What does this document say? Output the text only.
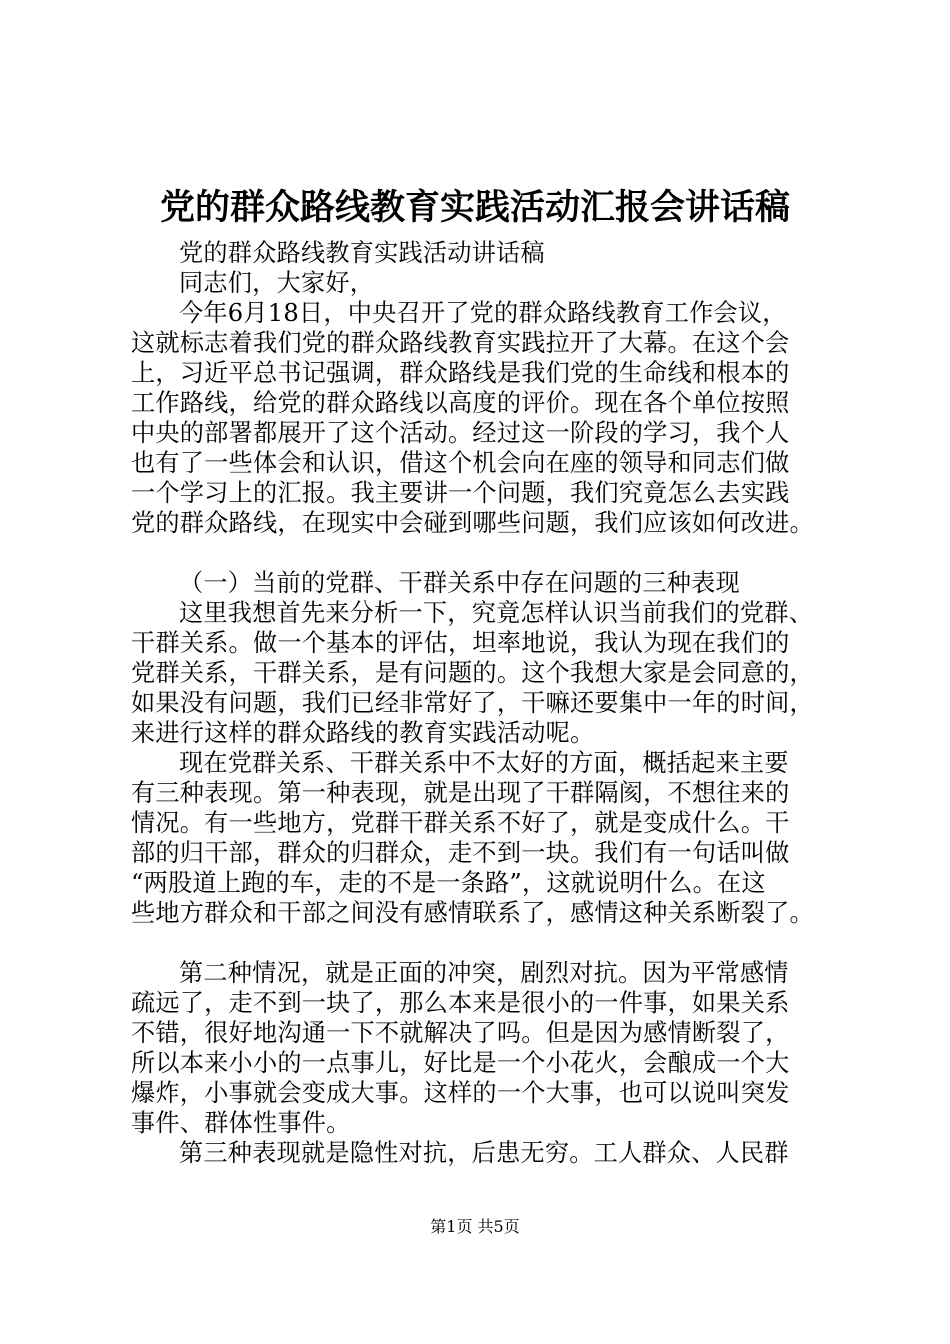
党的群众路线教育实践活动汇报会讲话稿
党的群众路线教育实践活动讲话稿
同志们，大家好，
今年6月18日，中央召开了党的群众路线教育工作会议，
这就标志着我们党的群众路线教育实践拉开了大幕。在这个会
上，习近平总书记强调，群众路线是我们党的生命线和根本的
工作路线，给党的群众路线以高度的评价。现在各个单位按照
中央的部署都展开了这个活动。经过这一阶段的学习，我个人
也有了一些体会和认识，借这个机会向在座的领导和同志们做
一个学习上的汇报。我主要讲一个问题，我们究竟怎么去实践
党的群众路线，在现实中会碰到哪些问题，我们应该如何改进。
（一）当前的党群、干群关系中存在问题的三种表现
这里我想首先来分析一下，究竟怎样认识当前我们的党群、
干群关系。做一个基本的评估，坦率地说，我认为现在我们的
党群关系，干群关系，是有问题的。这个我想大家是会同意的，
如果没有问题，我们已经非常好了，干嘛还要集中一年的时间，
来进行这样的群众路线的教育实践活动呢。
现在党群关系、干群关系中不太好的方面，概括起来主要
有三种表现。第一种表现，就是出现了干群隔阂，不想往来的
情况。有一些地方，党群干群关系不好了，就是变成什么。干
部的归干部，群众的归群众，走不到一块。我们有一句话叫做
“两股道上跑的车，走的不是一条路”，这就说明什么。在这
些地方群众和干部之间没有感情联系了，感情这种关系断裂了。
第二种情况，就是正面的冲突，剧烈对抗。因为平常感情
疏远了，走不到一块了，那么本来是很小的一件事，如果关系
不错，很好地沟通一下不就解决了吗。但是因为感情断裂了，
所以本来小小的一点事儿，好比是一个小花火，会酿成一个大
爆炸，小事就会变成大事。这样的一个大事，也可以说叫突发
事件、群体性事件。
第三种表现就是隐性对抗，后患无穷。工人群众、人民群
第1页 共5页
